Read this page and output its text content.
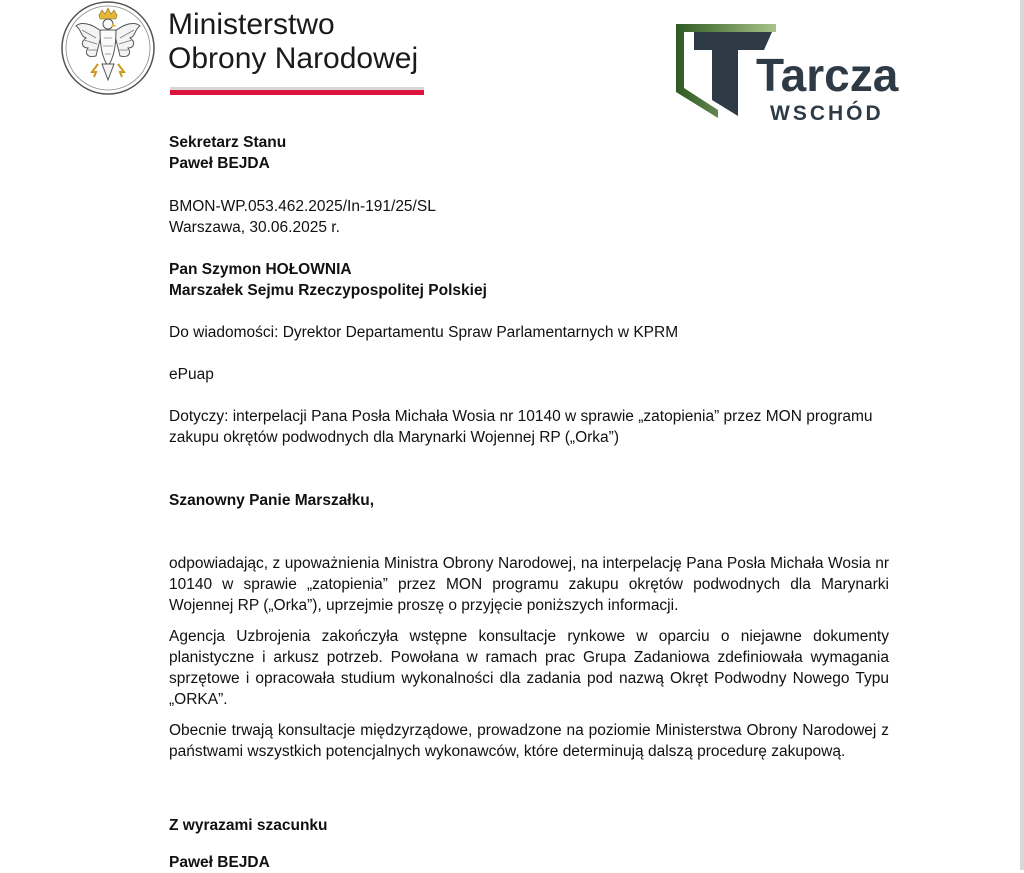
Ministerstwo
Obrony Narodowej	Tarcza
WSCHÓD
Sekretarz Stanu
Paweł BEJDA
BMON-WP.053.462.2025/In-191/25/SL
Warszawa, 30.06.2025 r.
Pan Szymon HOŁOWNIA
Marszałek Sejmu Rzeczypospolitej Polskiej
Do wiadomości: Dyrektor Departamentu Spraw Parlamentarnych w KPRM
ePuap
Dotyczy: interpelacji Pana Posła Michała Wosia nr 10140 w sprawie „zatopienia” przez MON programu
zakupu okrętów podwodnych dla Marynarki Wojennej RP („Orka”)
Szanowny Panie Marszałku,
odpowiadając, z upoważnienia Ministra Obrony Narodowej, na interpelację Pana Posła Michała Wosia nr 10140 w sprawie „zatopienia” przez MON programu zakupu okrętów podwodnych dla Marynarki Wojennej RP („Orka”), uprzejmie proszę o przyjęcie poniższych informacji.
Agencja Uzbrojenia zakończyła wstępne konsultacje rynkowe w oparciu o niejawne dokumenty planistyczne i arkusz potrzeb. Powołana w ramach prac Grupa Zadaniowa zdefiniowała wymagania sprzętowe i opracowała studium wykonalności dla zadania pod nazwą Okręt Podwodny Nowego Typu „ORKA”.
Obecnie trwają konsultacje międzyrządowe, prowadzone na poziomie Ministerstwa Obrony Narodowej z państwami wszystkich potencjalnych wykonawców, które determinują dalszą procedurę zakupową.
Z wyrazami szacunku
Paweł BEJDA
